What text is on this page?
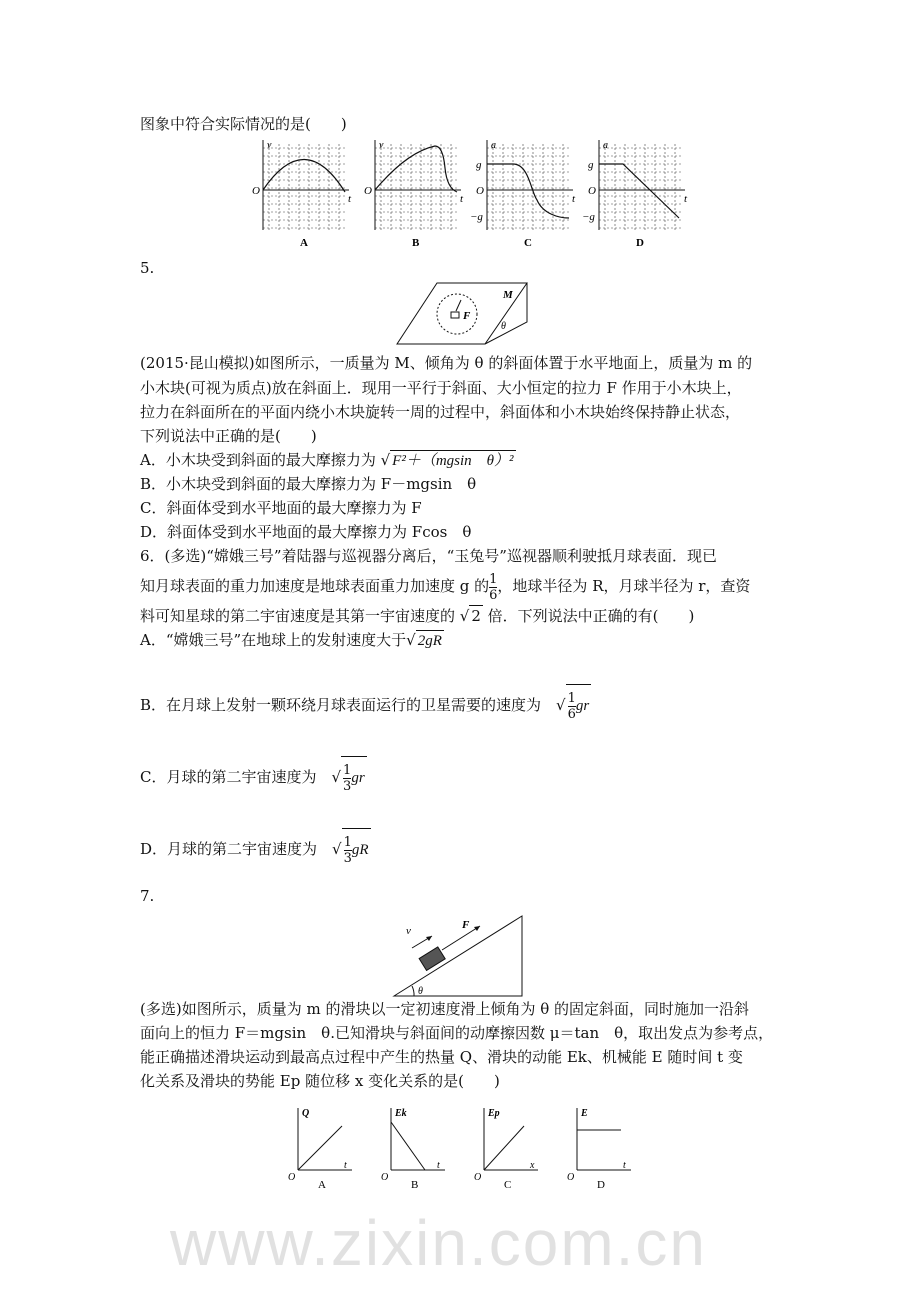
www.zixin.com.cn
图象中符合实际情况的是(　　)
v
t
O
A
v
t
O
B
a
t
O
g
−g
C
a
t
O
g
−g
D
5.
F
M
θ
(2015·昆山模拟)如图所示，一质量为 M、倾角为 θ 的斜面体置于水平地面上，质量为 m 的
小木块(可视为质点)放在斜面上．现用一平行于斜面、大小恒定的拉力 F 作用于小木块上，
拉力在斜面所在的平面内绕小木块旋转一周的过程中，斜面体和小木块始终保持静止状态，
下列说法中正确的是(　　)
A．小木块受到斜面的最大摩擦力为 √ F²＋（mgsin　θ）²
B．小木块受到斜面的最大摩擦力为 F－mgsin　θ
C．斜面体受到水平地面的最大摩擦力为 F
D．斜面体受到水平地面的最大摩擦力为 Fcos　θ
6．(多选)“嫦娥三号”着陆器与巡视器分离后，“玉兔号”巡视器顺利驶抵月球表面．现已
知月球表面的重力加速度是地球表面重力加速度 g 的 $\frac{1}{6}$ ，地球半径为 R，月球半径为 r，查资
料可知星球的第二宇宙速度是其第一宇宙速度的 √ 2 倍．下列说法中正确的有(　　)
A．“嫦娥三号”在地球上的发射速度大于√ 2gR
B．在月球上发射一颗环绕月球表面运行的卫星需要的速度为　√ $\frac{1}{6}$ gr
C．月球的第二宇宙速度为　√ $\frac{1}{3}$ gr
D．月球的第二宇宙速度为　√ $\frac{1}{3}$ gR
7.
v	F
θ
(多选)如图所示，质量为 m 的滑块以一定初速度滑上倾角为 θ 的固定斜面，同时施加一沿斜
面向上的恒力 F＝mgsin　θ.已知滑块与斜面间的动摩擦因数 μ＝tan　θ，取出发点为参考点，
能正确描述滑块运动到最高点过程中产生的热量 Q、滑块的动能 Ek、机械能 E 随时间 t 变
化关系及滑块的势能 Ep 随位移 x 变化关系的是(　　)
Q
t
O
A
Ek
t
O
B
Ep
x
O
C
E
t
O
D
